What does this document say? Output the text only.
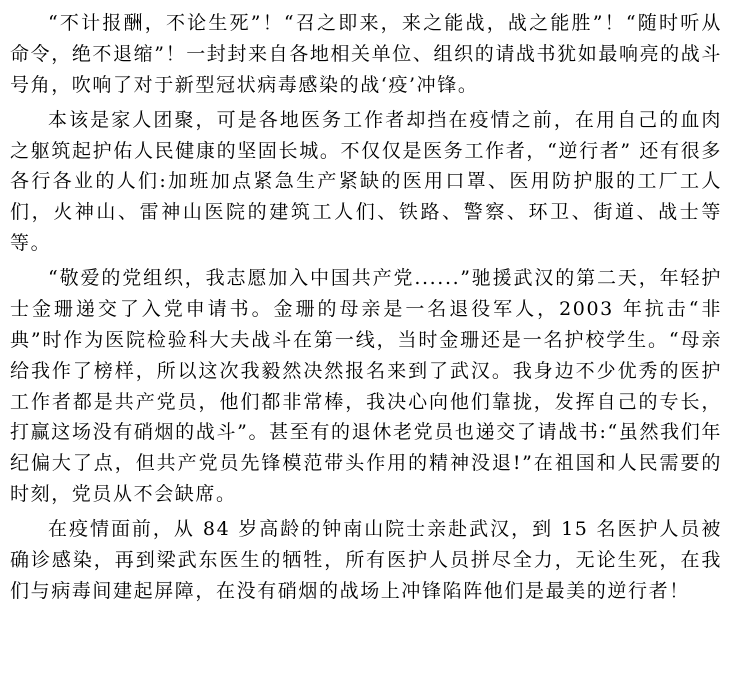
“不计报酬，不论生死”！“召之即来，来之能战，战之能胜”！“随时听从命令，绝不退缩”！一封封来自各地相关单位、组织的请战书犹如最响亮的战斗号角，吹响了对于新型冠状病毒感染的战‘疫’冲锋。

本该是家人团聚，可是各地医务工作者却挡在疫情之前，在用自己的血肉之躯筑起护佑人民健康的坚固长城。不仅仅是医务工作者，“逆行者” 还有很多各行各业的人们:加班加点紧急生产紧缺的医用口罩、医用防护服的工厂工人们，火神山、雷神山医院的建筑工人们、铁路、警察、环卫、街道、战士等等。

“敬爱的党组织，我志愿加入中国共产党......”驰援武汉的第二天，年轻护士金珊递交了入党申请书。金珊的母亲是一名退役军人，2003 年抗击“非典”时作为医院检验科大夫战斗在第一线，当时金珊还是一名护校学生。“母亲给我作了榜样，所以这次我毅然决然报名来到了武汉。我身边不少优秀的医护工作者都是共产党员，他们都非常棒，我决心向他们靠拢，发挥自己的专长，打赢这场没有硝烟的战斗”。甚至有的退休老党员也递交了请战书:“虽然我们年纪偏大了点，但共产党员先锋模范带头作用的精神没退!”在祖国和人民需要的时刻，党员从不会缺席。

在疫情面前，从 84 岁高龄的钟南山院士亲赴武汉，到 15 名医护人员被确诊感染，再到梁武东医生的牺牲，所有医护人员拼尽全力，无论生死，在我们与病毒间建起屏障，在没有硝烟的战场上冲锋陷阵他们是最美的逆行者！
